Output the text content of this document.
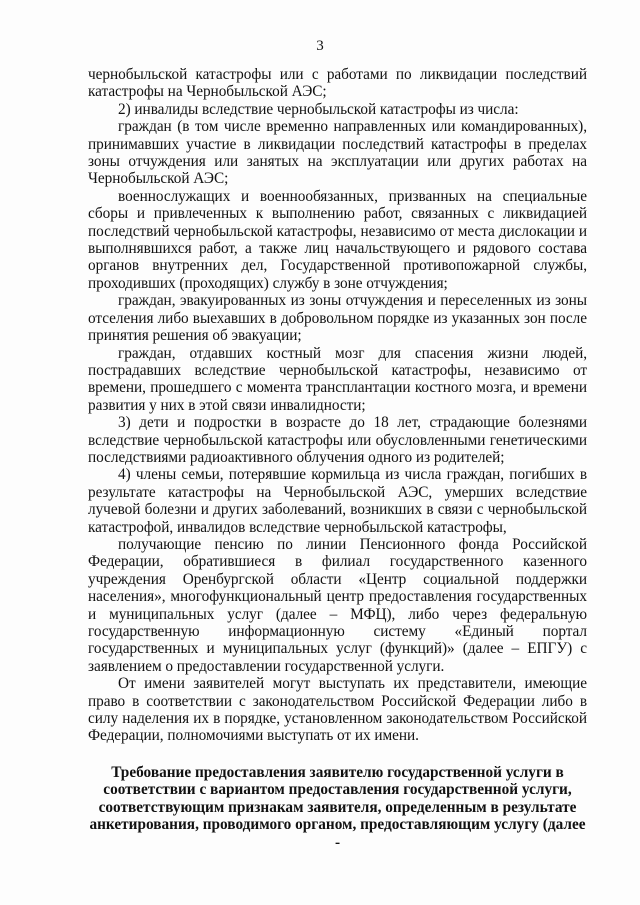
3

чернобыльской катастрофы или с работами по ликвидации последствий катастрофы на Чернобыльской АЭС;

2) инвалиды вследствие чернобыльской катастрофы из числа:

граждан (в том числе временно направленных или командированных), принимавших участие в ликвидации последствий катастрофы в пределах зоны отчуждения или занятых на эксплуатации или других работах на Чернобыльской АЭС;

военнослужащих и военнообязанных, призванных на специальные сборы и привлеченных к выполнению работ, связанных с ликвидацией последствий чернобыльской катастрофы, независимо от места дислокации и выполнявшихся работ, а также лиц начальствующего и рядового состава органов внутренних дел, Государственной противопожарной службы, проходивших (проходящих) службу в зоне отчуждения;

граждан, эвакуированных из зоны отчуждения и переселенных из зоны отселения либо выехавших в добровольном порядке из указанных зон после принятия решения об эвакуации;

граждан, отдавших костный мозг для спасения жизни людей, пострадавших вследствие чернобыльской катастрофы, независимо от времени, прошедшего с момента трансплантации костного мозга, и времени развития у них в этой связи инвалидности;

3) дети и подростки в возрасте до 18 лет, страдающие болезнями вследствие чернобыльской катастрофы или обусловленными генетическими последствиями радиоактивного облучения одного из родителей;

4) члены семьи, потерявшие кормильца из числа граждан, погибших в результате катастрофы на Чернобыльской АЭС, умерших вследствие лучевой болезни и других заболеваний, возникших в связи с чернобыльской катастрофой, инвалидов вследствие чернобыльской катастрофы,

получающие пенсию по линии Пенсионного фонда Российской Федерации, обратившиеся в филиал государственного казенного учреждения Оренбургской области «Центр социальной поддержки населения», многофункциональный центр предоставления государственных и муниципальных услуг (далее – МФЦ), либо через федеральную государственную информационную систему «Единый портал государственных и муниципальных услуг (функций)» (далее – ЕПГУ) с заявлением о предоставлении государственной услуги.

От имени заявителей могут выступать их представители, имеющие право в соответствии с законодательством Российской Федерации либо в силу наделения их в порядке, установленном законодательством Российской Федерации, полномочиями выступать от их имени.

Требование предоставления заявителю государственной услуги в

соответствии с вариантом предоставления государственной услуги,

соответствующим признакам заявителя, определенным в результате

анкетирования, проводимого органом, предоставляющим услугу (далее -
